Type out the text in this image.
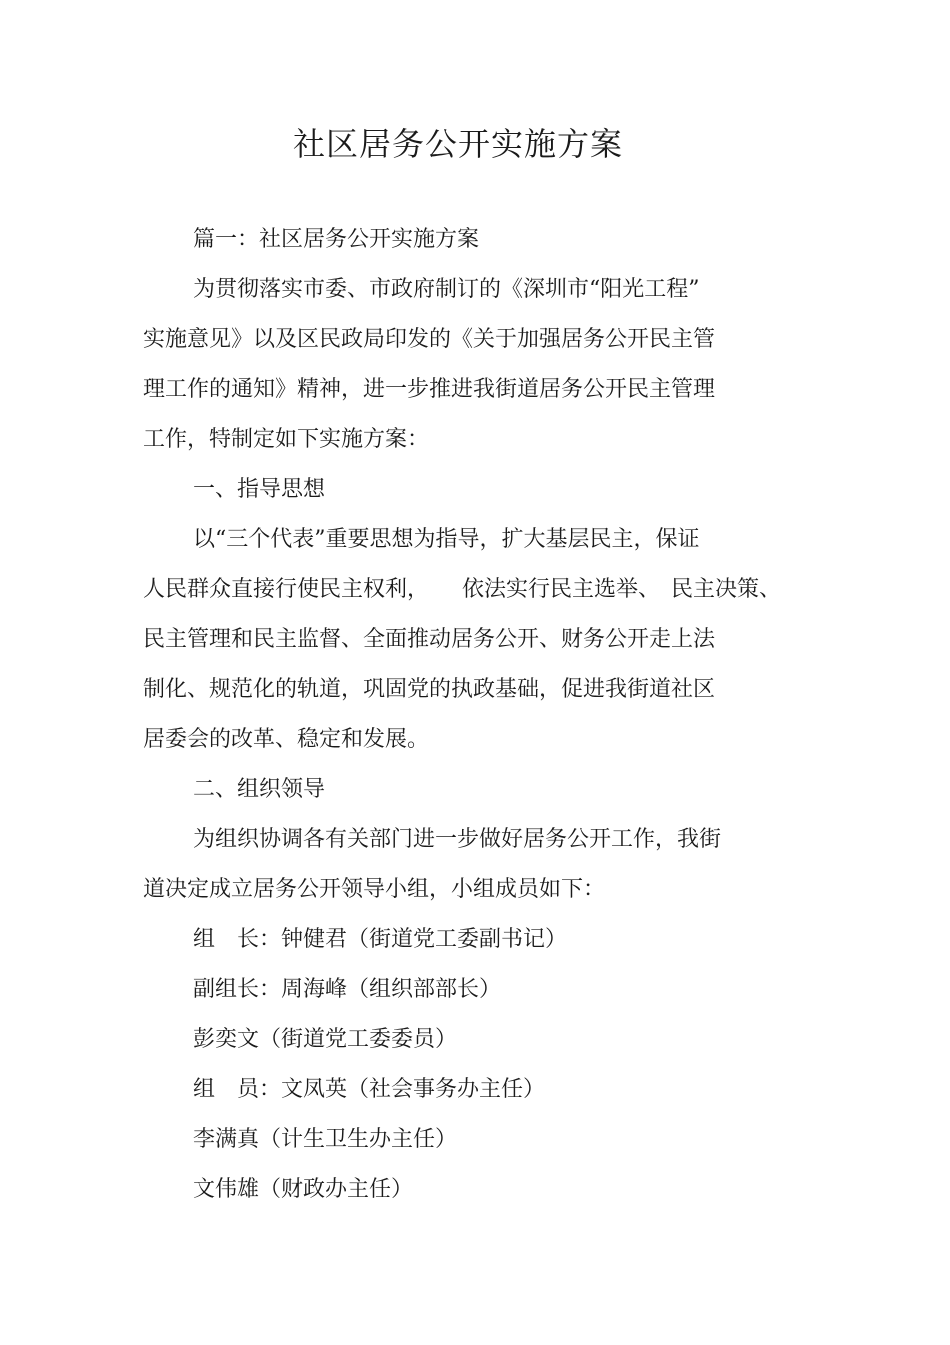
社区居务公开实施方案

篇一：社区居务公开实施方案

为贯彻落实市委、市政府制订的《深圳市“阳光工程”

实施意见》以及区民政局印发的《关于加强居务公开民主管

理工作的通知》精神，进一步推进我街道居务公开民主管理

工作，特制定如下实施方案：

一、指导思想

以“三个代表”重要思想为指导，扩大基层民主，保证

人民群众直接行使民主权利，　　依法实行民主选举、　民主决策、

民主管理和民主监督、全面推动居务公开、财务公开走上法

制化、规范化的轨道，巩固党的执政基础，促进我街道社区

居委会的改革、稳定和发展。

二、组织领导

为组织协调各有关部门进一步做好居务公开工作，我街

道决定成立居务公开领导小组，小组成员如下：

组　长：钟健君（街道党工委副书记）

副组长：周海峰（组织部部长）

彭奕文（街道党工委委员）

组　员：文凤英（社会事务办主任）

李满真（计生卫生办主任）

文伟雄（财政办主任）
